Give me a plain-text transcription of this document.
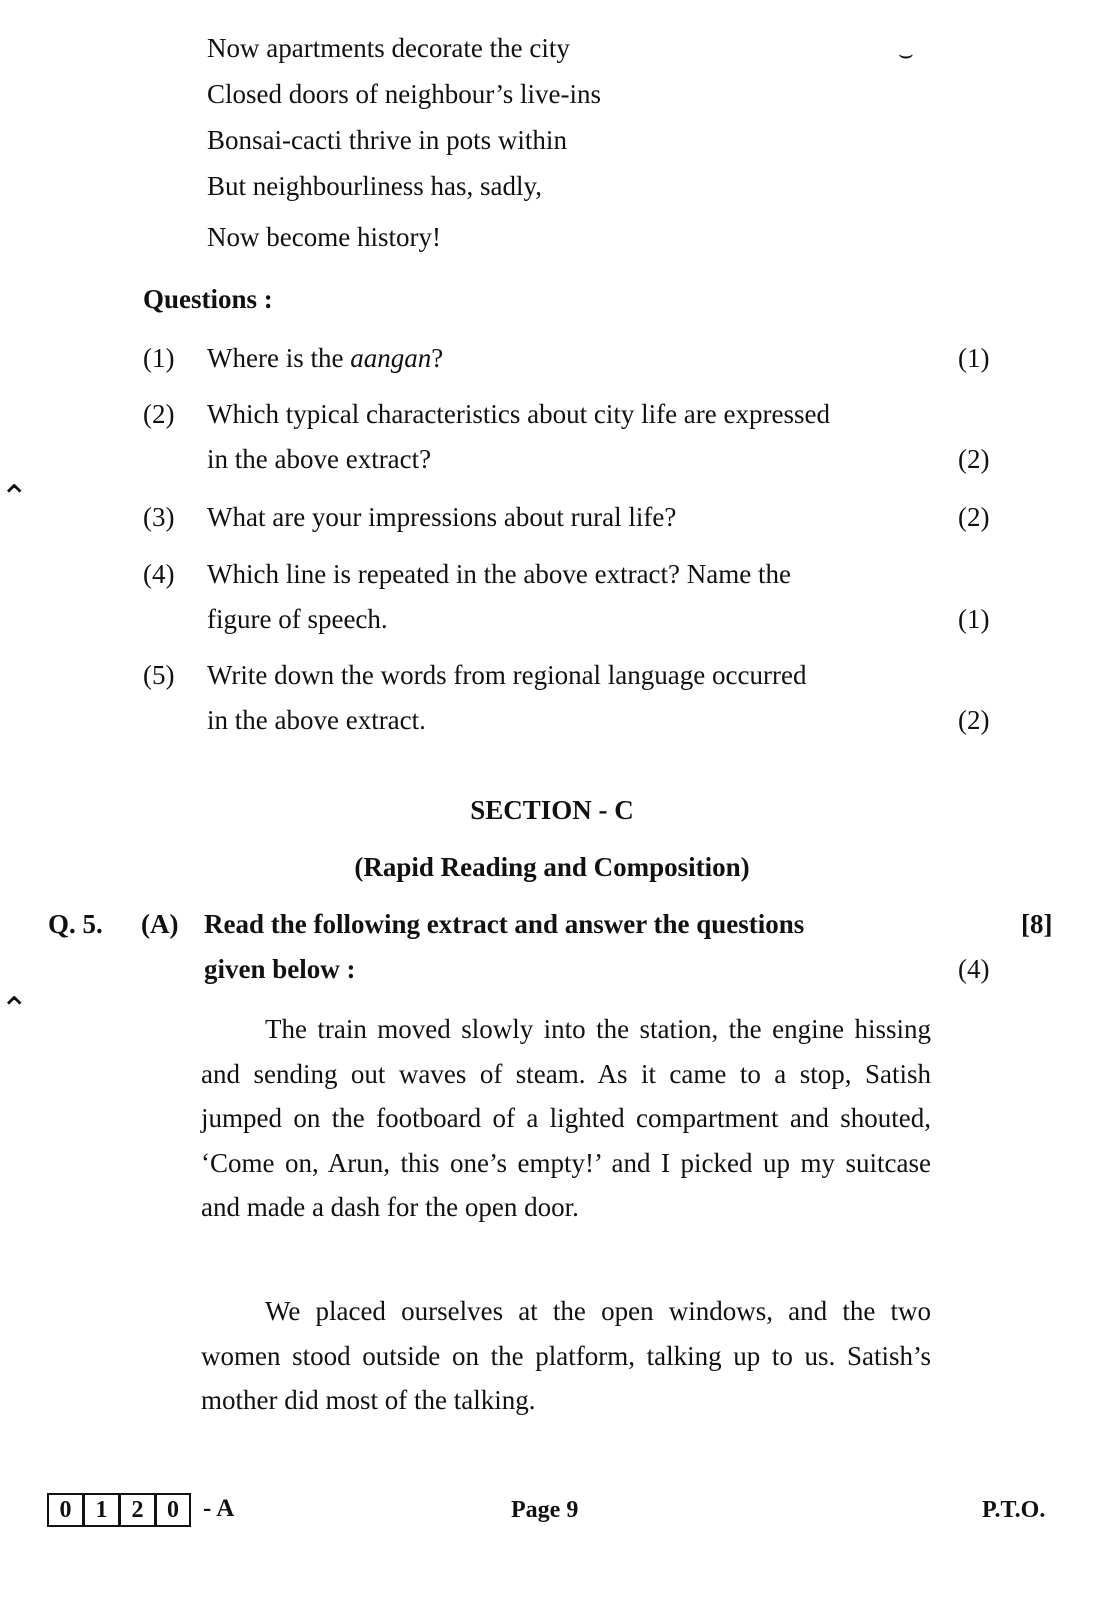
Now apartments decorate the city
Closed doors of neighbour’s live-ins
Bonsai-cacti thrive in pots within
But neighbourliness has, sadly,
Now become history!
Questions :
(1) Where is the aangan?	(1)
(2) Which typical characteristics about city life are expressed
in the above extract?	(2)
(3) What are your impressions about rural life?	(2)
(4) Which line is repeated in the above extract? Name the
figure of speech.	(1)
(5) Write down the words from regional language occurred
in the above extract.	(2)
SECTION - C
(Rapid Reading and Composition)
Q. 5. (A) Read the following extract and answer the questions
given below :
[8]
(4)

The train moved slowly into the station, the engine hissing and sending out waves of steam. As it came to a stop, Satish jumped on the footboard of a lighted compartment and shouted, ‘Come on, Arun, this one’s empty!’ and I picked up my suitcase and made a dash for the open door.

We placed ourselves at the open windows, and the two women stood outside on the platform, talking up to us. Satish’s mother did most of the talking.

0	1	2 0 - A	Page 9	P.T.O.
⌃
⌃
⌣
